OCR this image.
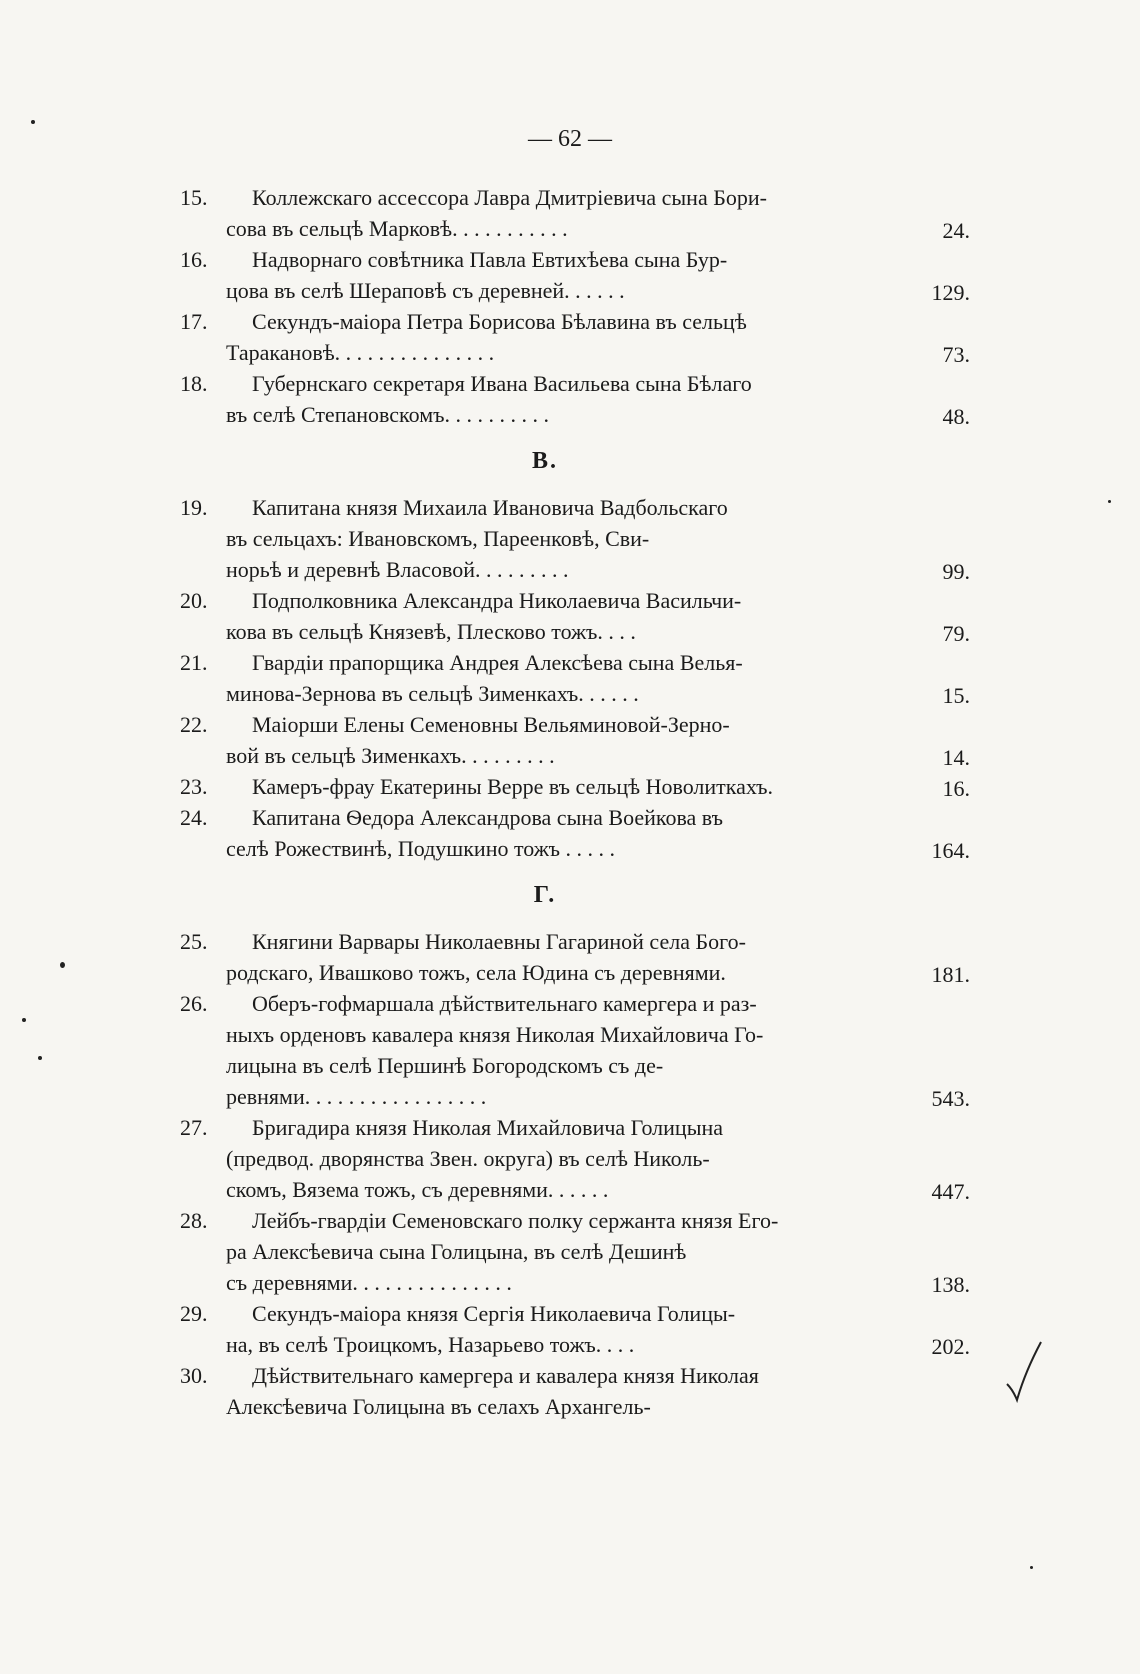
— 62 —
15.	Коллежскаго ассессора Лавра Дмитріевича сына Бори-
сова въ сельцѣ Марковѣ. . . . . . . . . . .	24.
16.	Надворнаго совѣтника Павла Евтихѣева сына Бур-
цова въ селѣ Шераповѣ съ деревней. . . . . .	129.
17.	Секундъ-маіора Петра Борисова Бѣлавина въ сельцѣ
Таракановѣ. . . . . . . . . . . . . . .	73.
18.	Губернскаго секретаря Ивана Васильева сына Бѣлаго
въ селѣ Степановскомъ. . . . . . . . . .	48.
В.
19.	Капитана князя Михаила Ивановича Вадбольскаго
въ сельцахъ: Ивановскомъ, Пареенковѣ, Сви-
норьѣ и деревнѣ Власовой. . . . . . . . .	99.
20.	Подполковника Александра Николаевича Васильчи-
кова въ сельцѣ Князевѣ, Плесково тожъ. . . .	79.
21.	Гвардіи прапорщика Андрея Алексѣева сына Велья-
минова-Зернова въ сельцѣ Зименкахъ. . . . . .	15.
22.	Маіорши Елены Семеновны Вельяминовой-Зерно-
вой въ сельцѣ Зименкахъ. . . . . . . . .	14.
23.	Камеръ-фрау Екатерины Верре въ сельцѣ Новолиткахъ.	16.
24.	Капитана Ѳедора Александрова сына Воейкова въ
селѣ Рожествинѣ, Подушкино тожъ . . . . .	164.
Г.
25.	Княгини Варвары Николаевны Гагариной села Бого-
родскаго, Ивашково тожъ, села Юдина съ деревнями.	181.
26.	Оберъ-гофмаршала дѣйствительнаго камергера и раз-
ныхъ орденовъ кавалера князя Николая Михайловича Го-
лицына въ селѣ Першинѣ Богородскомъ съ де-
ревнями. . . . . . . . . . . . . . . . .	543.
27.	Бригадира князя Николая Михайловича Голицына
(предвод. дворянства Звен. округа) въ селѣ Николь-
скомъ, Вязема тожъ, съ деревнями. . . . . .	447.
28.	Лейбъ-гвардіи Семеновскаго полку сержанта князя Его-
ра Алексѣевича сына Голицына, въ селѣ Дешинѣ
съ деревнями. . . . . . . . . . . . . . .	138.
29.	Секундъ-маіора князя Сергія Николаевича Голицы-
на, въ селѣ Троицкомъ, Назарьево тожъ. . . .	202.
30.	Дѣйствительнаго камергера и кавалера князя Николая
Алексѣевича Голицына въ селахъ Архангель-
